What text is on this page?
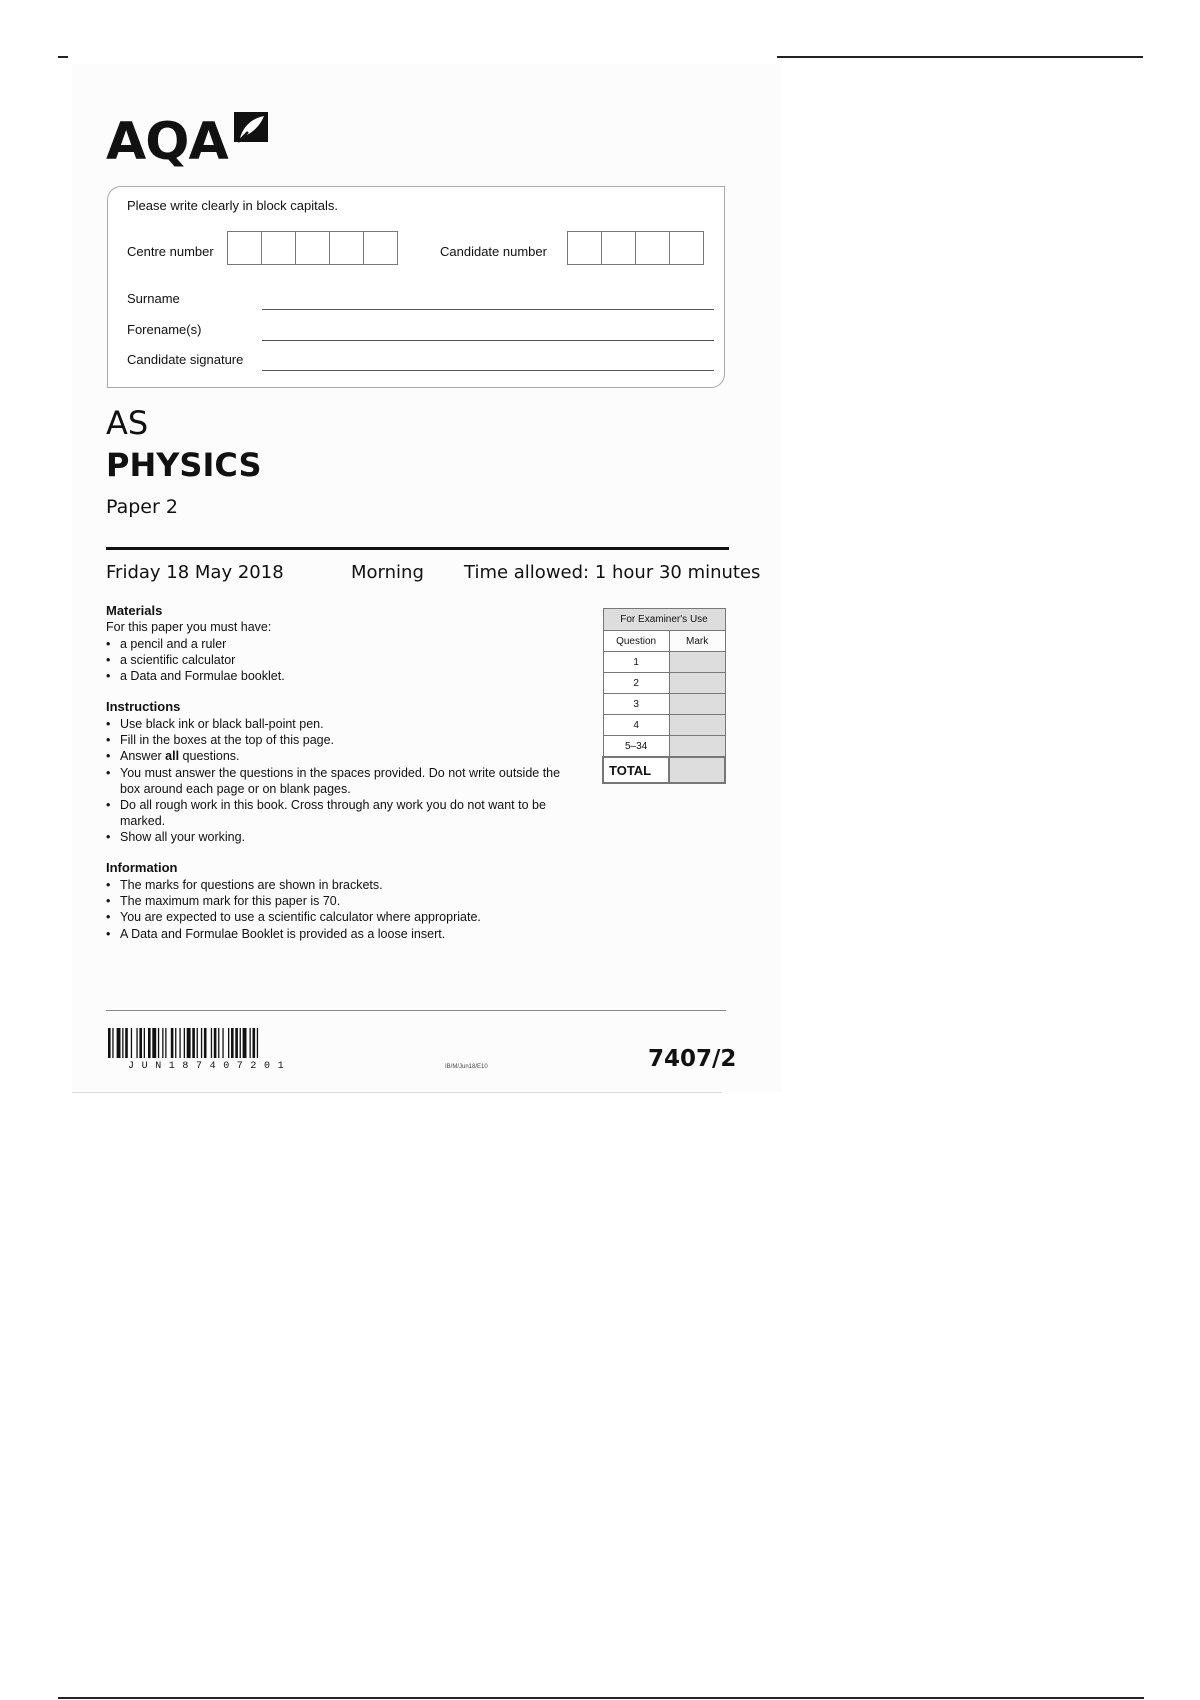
AQA
Please write clearly in block capitals.
Centre number	Candidate number
Surname
Forename(s)
Candidate signature
AS
PHYSICS
Paper 2
Friday 18 May 2018	Morning Time allowed: 1 hour 30 minutes
Materials
For this paper you must have:
• a pencil and a ruler
• a scientific calculator
• a Data and Formulae booklet.
Instructions
• Use black ink or black ball-point pen.
• Fill in the boxes at the top of this page.
• Answer all questions.
• You must answer the questions in the spaces provided. Do not write outside the box around each page or on blank pages.
• Do all rough work in this book. Cross through any work you do not want to be marked.
• Show all your working.
Information
• The marks for questions are shown in brackets.
• The maximum mark for this paper is 70.
• You are expected to use a scientific calculator where appropriate.
• A Data and Formulae Booklet is provided as a loose insert.
For Examiner's Use	
Question	Mark
1	
2	
3	
4	
5–34	
TOTAL	
JUN187407201	IB/M/Jun18/E10	7407/2
